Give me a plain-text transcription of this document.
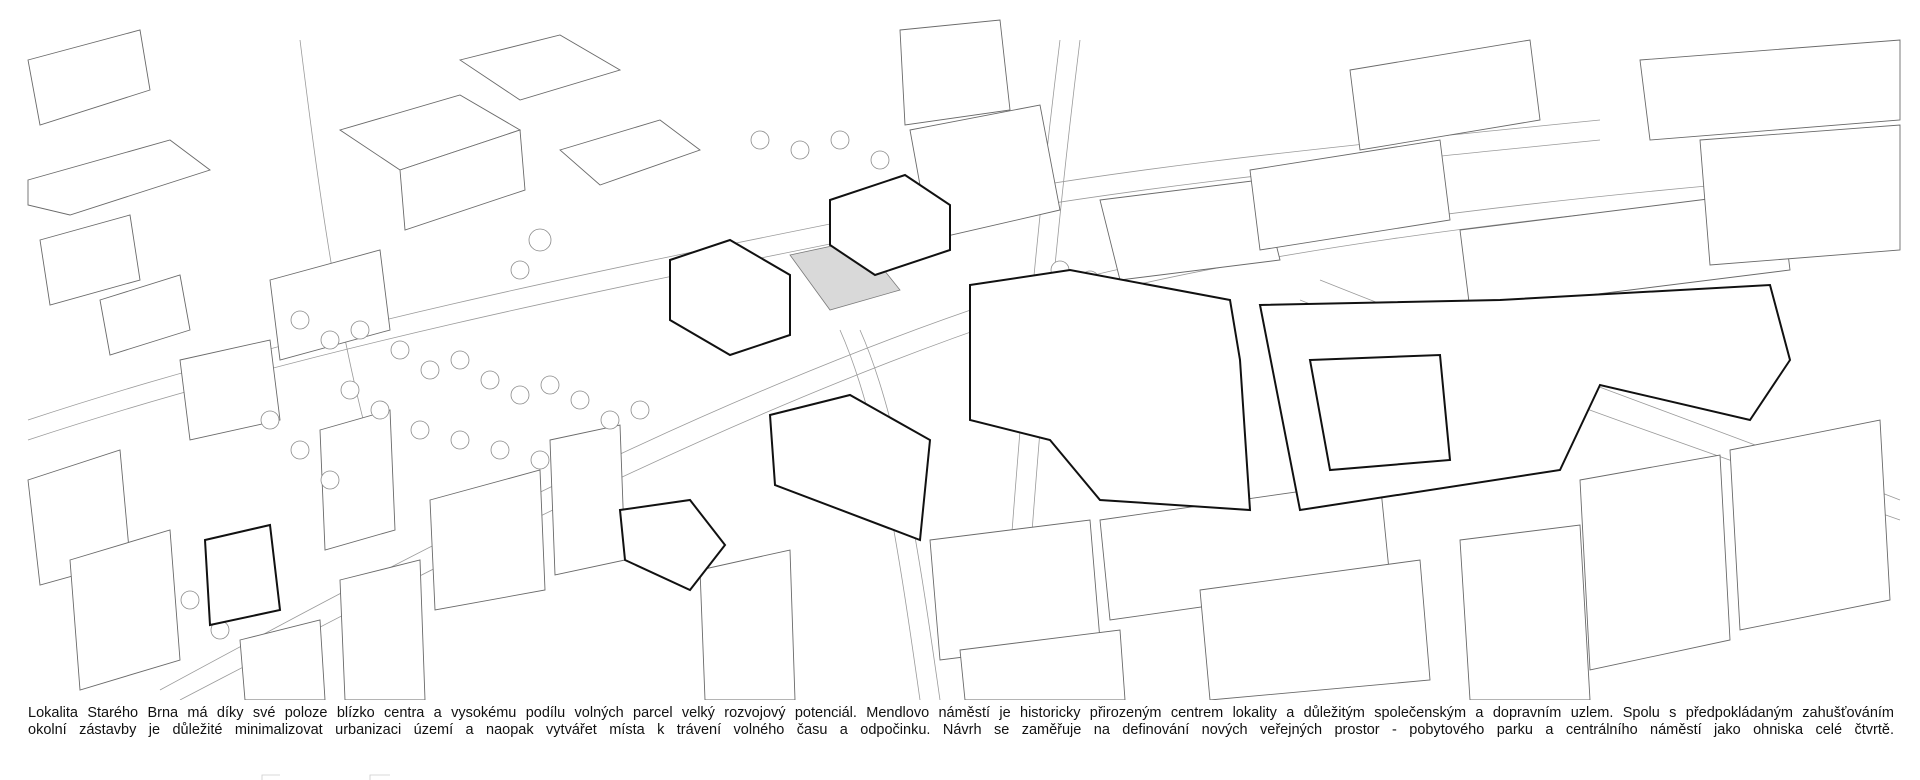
Lokalita Starého Brna má díky své poloze blízko centra a vysokému podílu volných parcel velký rozvojový potenciál. Mendlovo náměstí je historicky přirozeným centrem lokality a důležitým společenským a dopravním uzlem. Spolu s předpokládaným zahušťováním

okolní zástavby je důležité minimalizovat urbanizaci území a naopak vytvářet místa k trávení volného času a odpočinku. Návrh se zaměřuje na definování nových veřejných prostor - pobytového parku a centrálního náměstí jako ohniska celé čtvrtě.
